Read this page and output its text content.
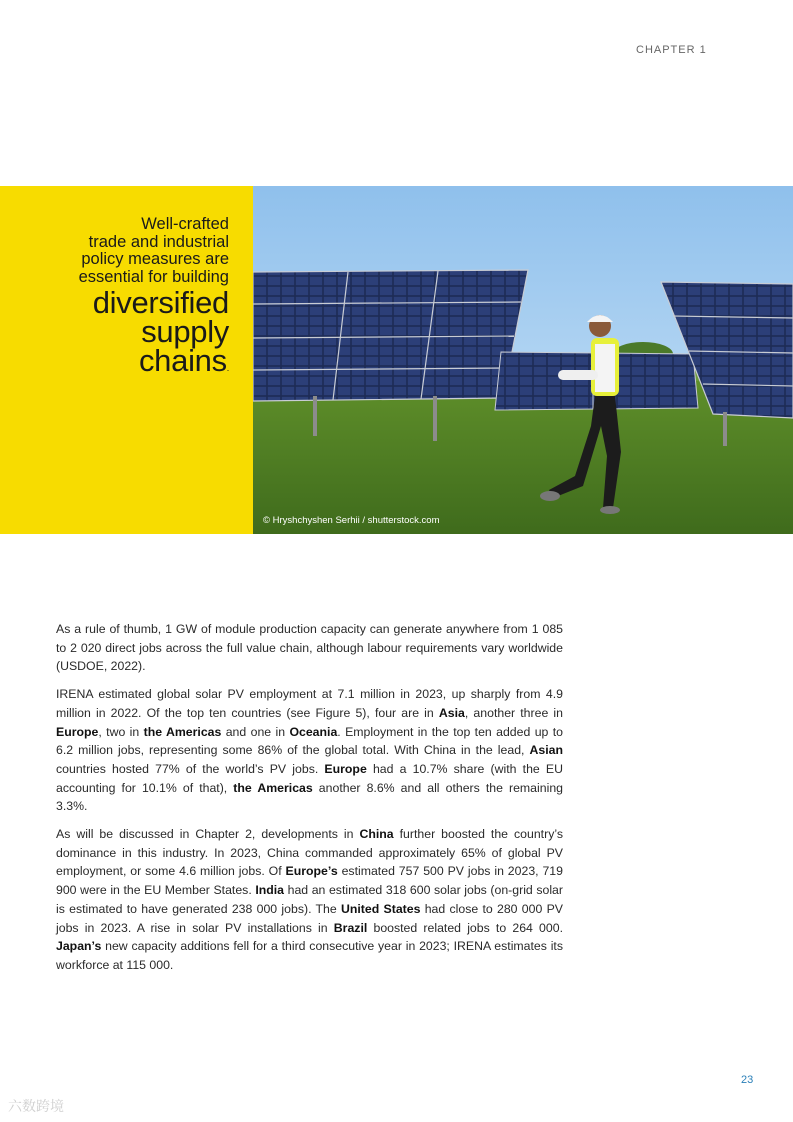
CHAPTER 1
Well-crafted
trade and industrial
policy measures are
essential for building
diversified
supply
chains.
© Hryshchyshen Serhii / shutterstock.com

As a rule of thumb, 1 GW of module production capacity can generate anywhere from 1 085 to 2 020 direct jobs across the full value chain, although labour requirements vary worldwide (USDOE, 2022).

IRENA estimated global solar PV employment at 7.1 million in 2023, up sharply from 4.9 million in 2022. Of the top ten countries (see Figure 5), four are in Asia, another three in Europe, two in the Americas and one in Oceania. Employment in the top ten added up to 6.2 million jobs, representing some 86% of the global total. With China in the lead, Asian countries hosted 77% of the world’s PV jobs. Europe had a 10.7% share (with the EU accounting for 10.1% of that), the Americas another 8.6% and all others the remaining 3.3%.

As will be discussed in Chapter 2, developments in China further boosted the country’s dominance in this industry. In 2023, China commanded approximately 65% of global PV employment, or some 4.6 million jobs. Of Europe’s estimated 757 500 PV jobs in 2023, 719 900 were in the EU Member States. India had an estimated 318 600 solar jobs (on-grid solar is estimated to have generated 238 000 jobs). The United States had close to 280 000 PV jobs in 2023. A rise in solar PV installations in Brazil boosted related jobs to 264 000. Japan’s new capacity additions fell for a third consecutive year in 2023; IRENA estimates its workforce at 115 000.

23
六数跨境
